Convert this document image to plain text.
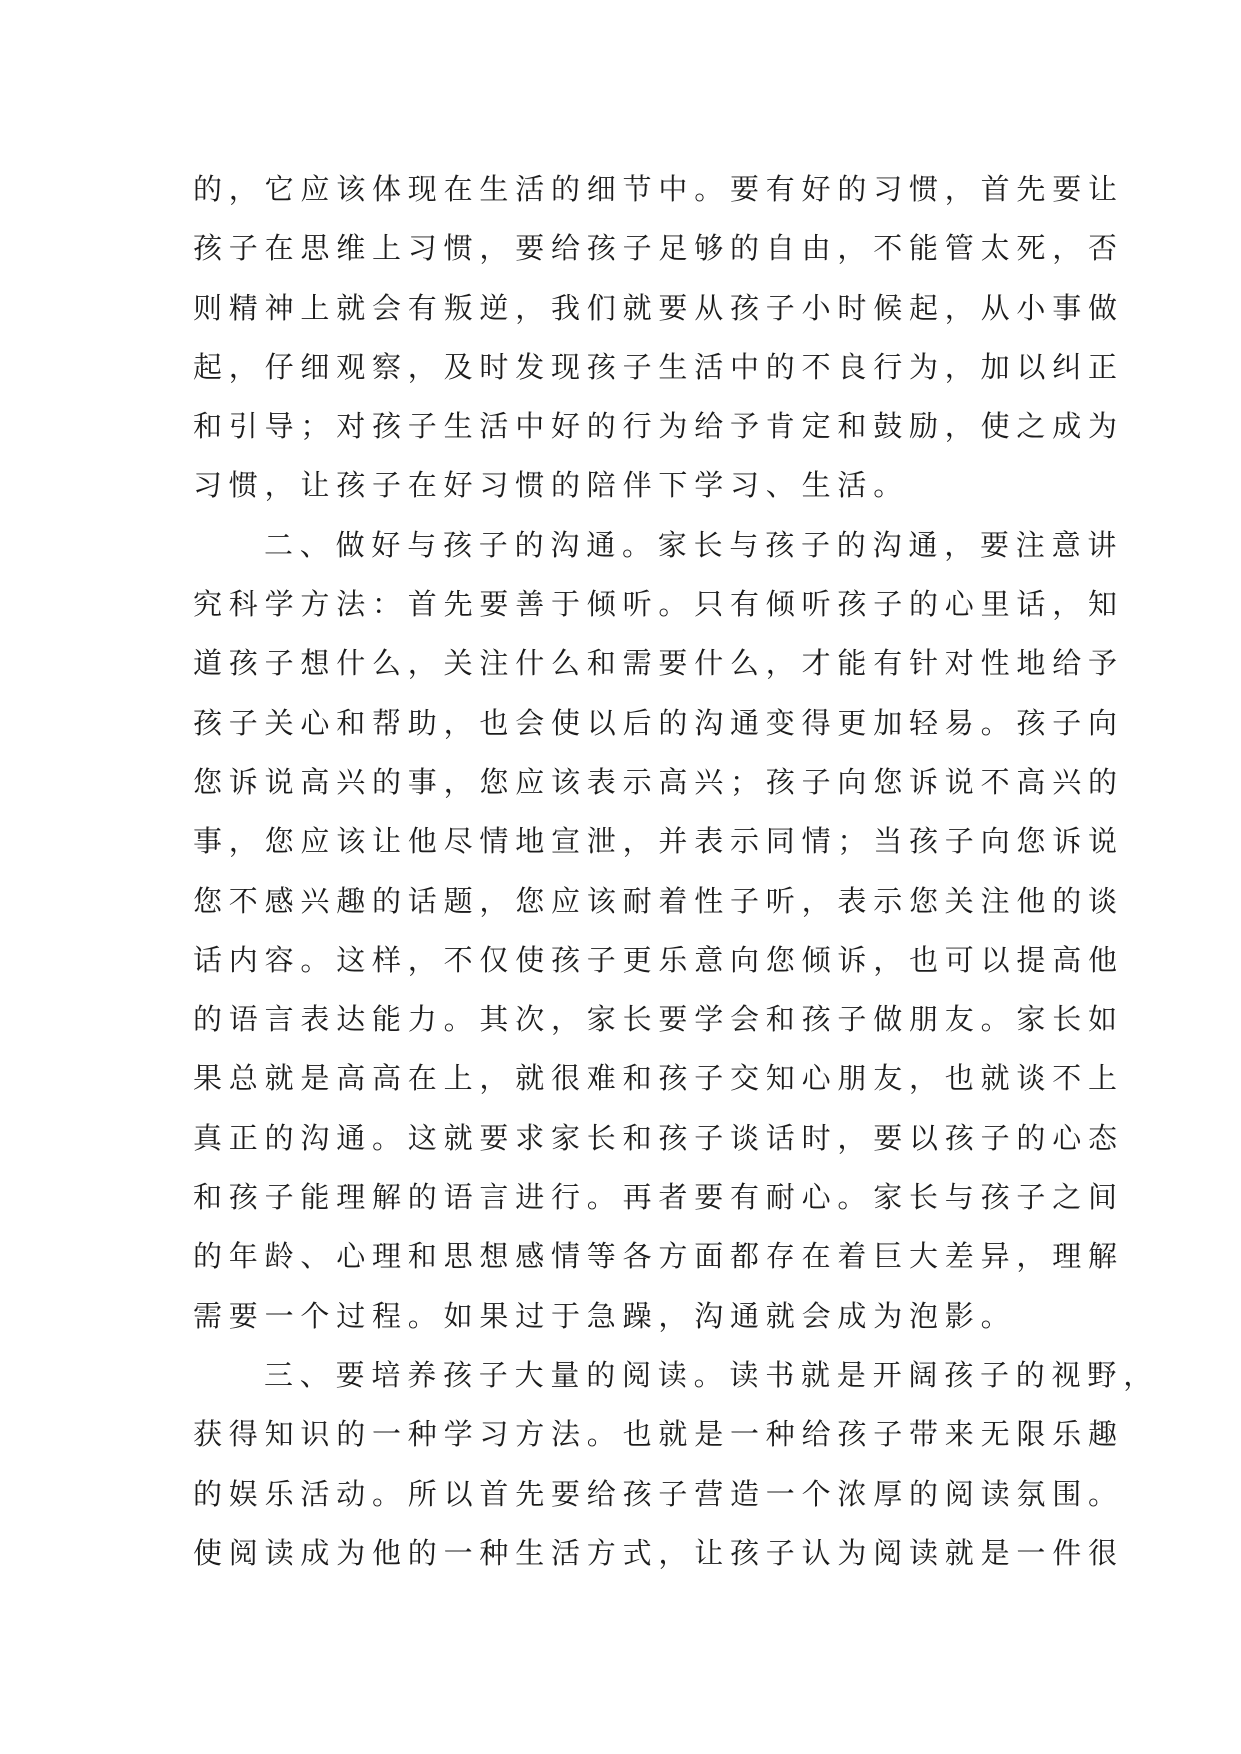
的，它应该体现在生活的细节中。要有好的习惯，首先要让
孩子在思维上习惯，要给孩子足够的自由，不能管太死，否
则精神上就会有叛逆，我们就要从孩子小时候起，从小事做
起，仔细观察，及时发现孩子生活中的不良行为，加以纠正
和引导；对孩子生活中好的行为给予肯定和鼓励，使之成为
习惯，让孩子在好习惯的陪伴下学习、生活。
二、做好与孩子的沟通。家长与孩子的沟通，要注意讲
究科学方法：首先要善于倾听。只有倾听孩子的心里话，知
道孩子想什么，关注什么和需要什么，才能有针对性地给予
孩子关心和帮助，也会使以后的沟通变得更加轻易。孩子向
您诉说高兴的事，您应该表示高兴；孩子向您诉说不高兴的
事，您应该让他尽情地宣泄，并表示同情；当孩子向您诉说
您不感兴趣的话题，您应该耐着性子听，表示您关注他的谈
话内容。这样，不仅使孩子更乐意向您倾诉，也可以提高他
的语言表达能力。其次，家长要学会和孩子做朋友。家长如
果总就是高高在上，就很难和孩子交知心朋友，也就谈不上
真正的沟通。这就要求家长和孩子谈话时，要以孩子的心态
和孩子能理解的语言进行。再者要有耐心。家长与孩子之间
的年龄、心理和思想感情等各方面都存在着巨大差异，理解
需要一个过程。如果过于急躁，沟通就会成为泡影。
三、要培养孩子大量的阅读。读书就是开阔孩子的视野，
获得知识的一种学习方法。也就是一种给孩子带来无限乐趣
的娱乐活动。所以首先要给孩子营造一个浓厚的阅读氛围。
使阅读成为他的一种生活方式，让孩子认为阅读就是一件很
